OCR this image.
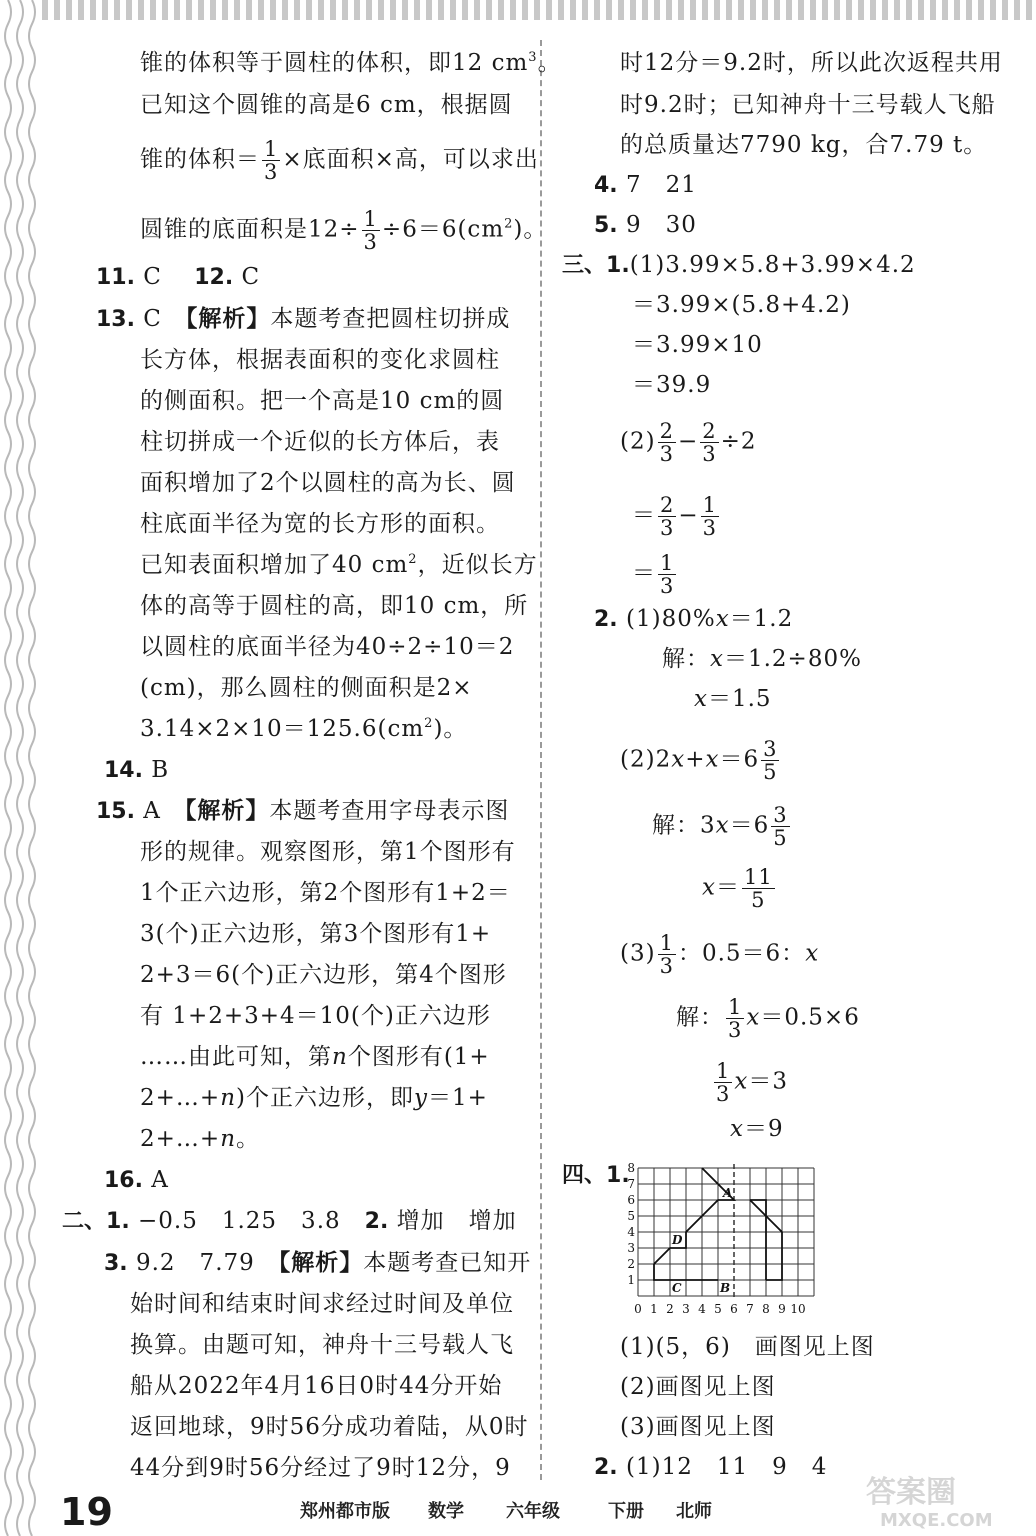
锥的体积等于圆柱的体积，即12 $cm^3$。
已知这个圆锥的高是6 cm，根据圆
锥的体积＝ $\frac{1}{3}$ ×底面积×高，可以求出
圆锥的底面积是$12\div \frac{1}{3} \div 6=6(cm^2)$。
11. C　 12. C
13. C　 【解析】本题考查把圆柱切拼成
长方体，根据表面积的变化求圆柱
的侧面积。把一个高是10 cm的圆
柱切拼成一个近似的长方体后，表
面积增加了2个以圆柱的高为长、圆
柱底面半径为宽的长方形的面积。
已知表面积增加了40 $cm^2$，近似长方
体的高等于圆柱的高，即10 cm，所
以圆柱的底面半径为40÷2÷10＝2
(cm)，那么圆柱的侧面积是2×
$3.14\times 2\times 10=125.6(cm^2)$。
14. B
15. A　 【解析】本题考查用字母表示图
形的规律。观察图形，第1个图形有
1个正六边形，第2个图形有1+2＝
3(个)正六边形，第3个图形有1+
2+3＝6(个)正六边形，第4个图形
有 1+2+3+4＝10(个)正六边形
……由此可知，第n个图形有(1+
2+…+n)个正六边形，即y＝1+
2+…+n。
16. A
二、1. −0.5　1.25　3.8　 2. 增加　增加
3. 9.2　7.79　 【解析】本题考查已知开
始时间和结束时间求经过时间及单位
换算。由题可知，神舟十三号载人飞
船从2022年4月16日0时44分开始
返回地球，9时56分成功着陆，从0时
44分到9时56分经过了9时12分，9
时12分＝9.2时，所以此次返程共用
时9.2时；已知神舟十三号载人飞船
的总质量达7790 kg，合7.79 t。
4. 7　21
5. 9　30
三、1.(1)3.99×5.8+3.99×4.2
＝3.99×(5.8+4.2)
＝3.99×10
＝39.9
$(2) \frac{2}{3} - \frac{2}{3} \div 2$
＝ $\frac{2}{3} - \frac{1}{3}$
＝ $\frac{1}{3}$
2. (1)80%x＝1.2
解：x＝1.2÷80%
x＝1.5
$(2)2x+x=6 \frac{3}{5}$
解：$3x=6 \frac{3}{5}$
$x= \frac{11}{5}$
$(3) \frac{1}{3}$ ：0.5＝6：x
解： $\frac{1}{3} x=0.5\times 6$
$\frac{1}{3} x=3$
x＝9
四、1.
A
B
C
D
8
7
6
5
4
3
2
1
0 1 2 3 4 5 6 7 8 9 10
(1)(5，6)　画图见上图
(2)画图见上图
(3)画图见上图
2. (1)12　11　9　4
19	郑州都市版 数学 六年级	下册 北师
答案圈
MXQE.COM
